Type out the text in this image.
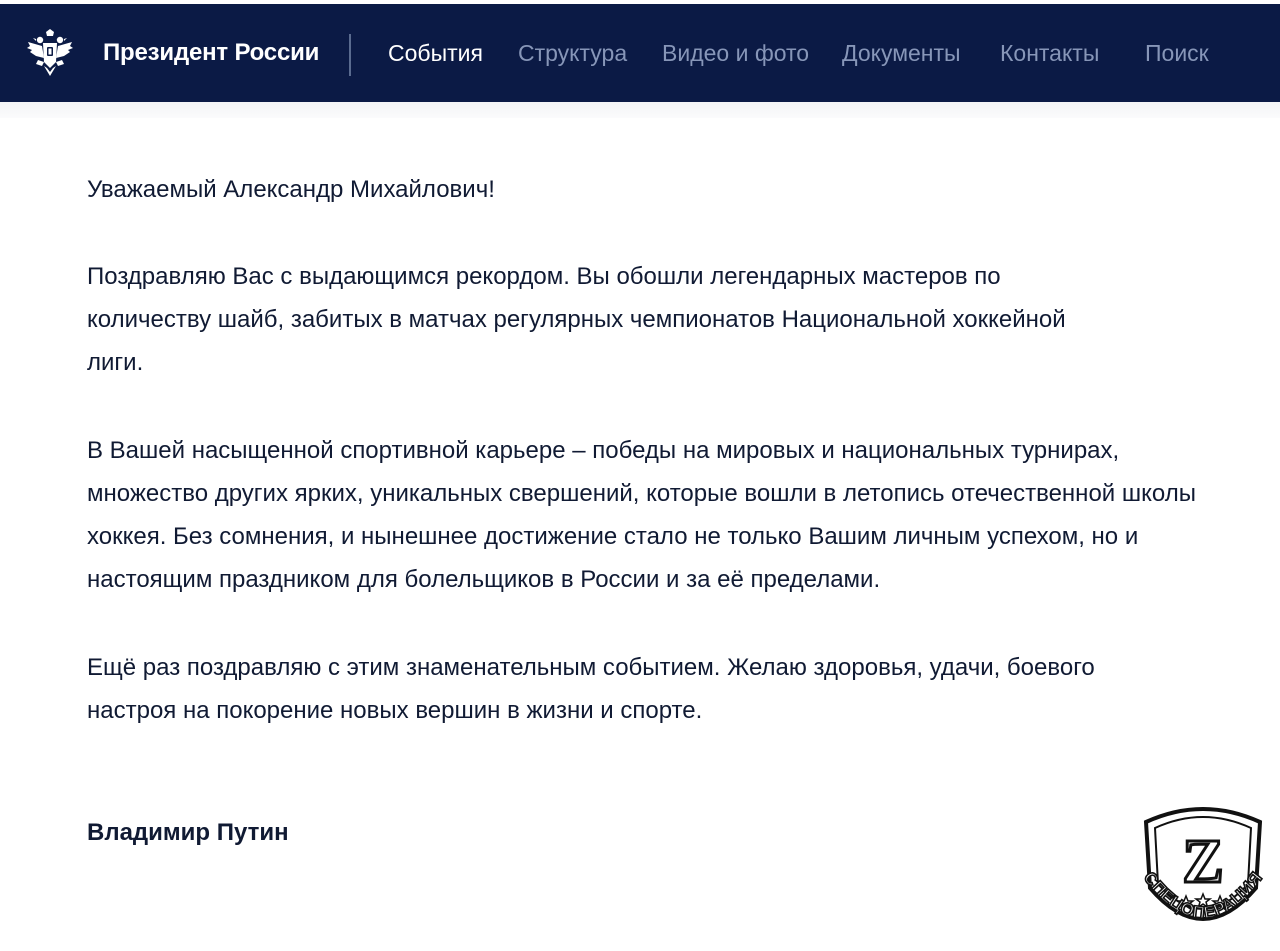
Президент России	События Структура Видео и фото Документы Контакты Поиск

Уважаемый Александр Михайлович!

Поздравляю Вас с выдающимся рекордом. Вы обошли легендарных мастеров по количеству шайб, забитых в матчах регулярных чемпионатов Национальной хоккейной лиги.

В Вашей насыщенной спортивной карьере – победы на мировых и национальных турнирах, множество других ярких, уникальных свершений, которые вошли в летопись отечественной школы хоккея. Без сомнения, и нынешнее достижение стало не только Вашим личным успехом, но и настоящим праздником для болельщиков в России и за её пределами.

Ещё раз поздравляю с этим знаменательным событием. Желаю здоровья, удачи, боевого настроя на покорение новых вершин в жизни и спорте.

Владимир Путин	Z
СПЕЦОПЕРАЦИЯ
